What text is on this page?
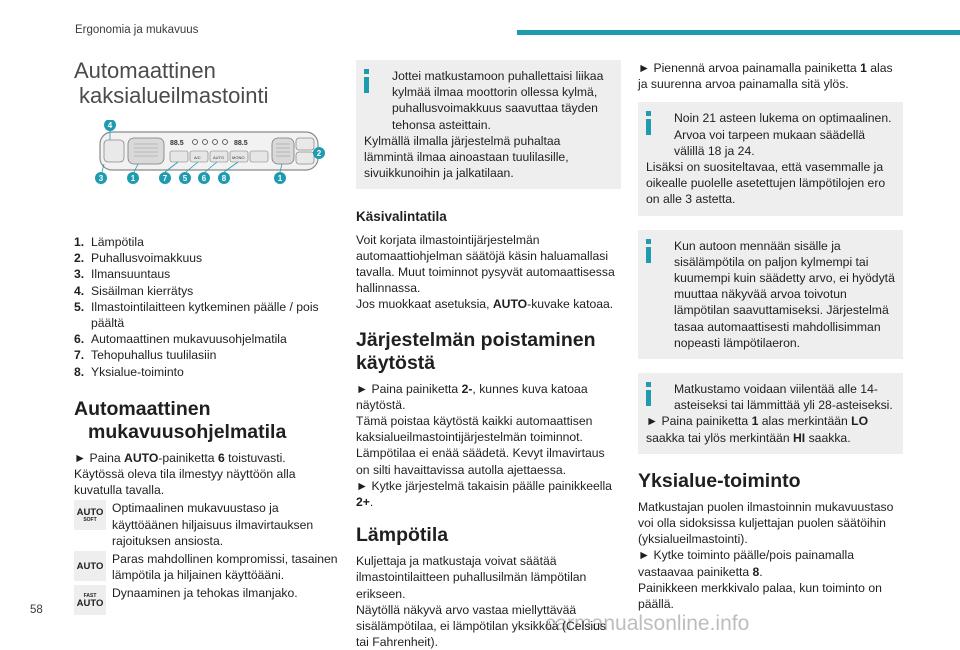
Ergonomia ja mukavuus
58
carmanualsonline.info
Automaattinen
kaksialueilmastointi
88.5	88.5
A/C	AUTO MONO
4
2
3	1	7 5 6 8	1
1. Lämpötila
2. Puhallusvoimakkuus
3. Ilmansuuntaus
4. Sisäilman kierrätys
5. Ilmastointilaitteen kytkeminen päälle / pois päältä
6. Automaattinen mukavuusohjelmatila
7. Tehopuhallus tuulilasiin
8. Yksialue-toiminto
Automaattinen
mukavuusohjelmatila

► Paina AUTO-painiketta 6 toistuvasti.

Käytössä oleva tila ilmestyy näyttöön alla kuvatulla tavalla.

AUTO
SOFT
Optimaalinen mukavuustaso ja käyttöäänen hiljaisuus ilmavirtauksen rajoituksen ansiosta.
AUTO Paras mahdollinen kompromissi, tasainen lämpötila ja hiljainen käyttöääni.
FAST
AUTO
Dynaaminen ja tehokas ilmanjako.
Jottei matkustamoon puhallettaisi liikaa kylmää ilmaa moottorin ollessa kylmä, puhallusvoimakkuus saavuttaa täyden tehonsa asteittain.
Kylmällä ilmalla järjestelmä puhaltaa lämmintä ilmaa ainoastaan tuulilasille, sivuikkunoihin ja jalkatilaan.
Käsivalintatila

Voit korjata ilmastointijärjestelmän automaattiohjelman säätöjä käsin haluamallasi tavalla. Muut toiminnot pysyvät automaattisessa hallinnassa.

Jos muokkaat asetuksia, AUTO-kuvake katoaa.

Järjestelmän poistaminen
käytöstä

► Paina painiketta 2-, kunnes kuva katoaa näytöstä.

Tämä poistaa käytöstä kaikki automaattisen kaksialueilmastointijärjestelmän toiminnot.

Lämpötilaa ei enää säädetä. Kevyt ilmavirtaus on silti havaittavissa autolla ajettaessa.

► Kytke järjestelmä takaisin päälle painikkeella 2+.

Lämpötila

Kuljettaja ja matkustaja voivat säätää ilmastointilaitteen puhallusilmän lämpötilan erikseen.

Näytöllä näkyvä arvo vastaa miellyttävää sisälämpötilaa, ei lämpötilan yksikköä (Celsius tai Fahrenheit).

► Pienennä arvoa painamalla painiketta 1 alas ja suurenna arvoa painamalla sitä ylös.

Noin 21 asteen lukema on optimaalinen. Arvoa voi tarpeen mukaan säädellä välillä 18 ja 24.
Lisäksi on suositeltavaa, että vasemmalle ja oikealle puolelle asetettujen lämpötilojen ero on alle 3 astetta.
Kun autoon mennään sisälle ja sisälämpötila on paljon kylmempi tai kuumempi kuin säädetty arvo, ei hyödytä muuttaa näkyvää arvoa toivotun lämpötilan saavuttamiseksi. Järjestelmä tasaa automaattisesti mahdollisimman nopeasti lämpötilaeron.
Matkustamo voidaan viilentää alle 14-asteiseksi tai lämmittää yli 28-asteiseksi.
► Paina painiketta 1 alas merkintään LO saakka tai ylös merkintään HI saakka.
Yksialue-toiminto

Matkustajan puolen ilmastoinnin mukavuustaso voi olla sidoksissa kuljettajan puolen säätöihin (yksialueilmastointi).

► Kytke toiminto päälle/pois painamalla vastaavaa painiketta 8.

Painikkeen merkkivalo palaa, kun toiminto on päällä.
